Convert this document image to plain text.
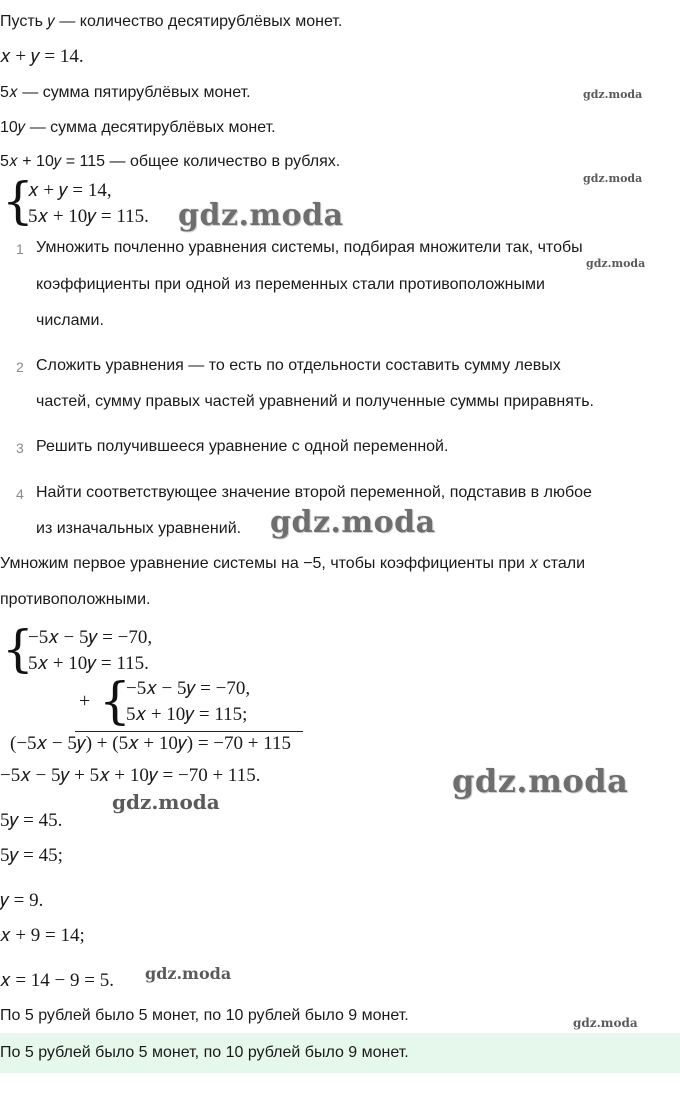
Пусть 𝑦 — количество десятирублёвых монет.
𝑥 + 𝑦 = 14.
5𝑥 — сумма пятирублёвых монет.
10𝑦 — сумма десятирублёвых монет.
5𝑥 + 10𝑦 = 115 — общее количество в рублях.
{
𝑥 + 𝑦 = 14,
5𝑥 + 10𝑦 = 115.
1 Умножить почленно уравнения системы, подбирая множители так, чтобы
коэффициенты при одной из переменных стали противоположными
числами.
2 Сложить уравнения — то есть по отдельности составить сумму левых
частей, сумму правых частей уравнений и полученные суммы приравнять.
3 Решить получившееся уравнение с одной переменной.
4 Найти соответствующее значение второй переменной, подставив в любое
из изначальных уравнений.
Умножим первое уравнение системы на −5, чтобы коэффициенты при 𝑥 стали
противоположными.
{
−5𝑥 − 5𝑦 = −70,
5𝑥 + 10𝑦 = 115.
+ {
−5𝑥 − 5𝑦 = −70,
5𝑥 + 10𝑦 = 115;
(−5𝑥 − 5𝑦) + (5𝑥 + 10𝑦) = −70 + 115
−5𝑥 − 5𝑦 + 5𝑥 + 10𝑦 = −70 + 115.
5𝑦 = 45.
5𝑦 = 45;
𝑦 = 9.
𝑥 + 9 = 14;
𝑥 = 14 − 9 = 5.
По 5 рублей было 5 монет, по 10 рублей было 9 монет.
По 5 рублей было 5 монет, по 10 рублей было 9 монет.
gdz.moda
gdz.moda
gdz.moda
gdz.moda
gdz.moda
gdz.moda
gdz.moda
gdz.moda
gdz.moda
